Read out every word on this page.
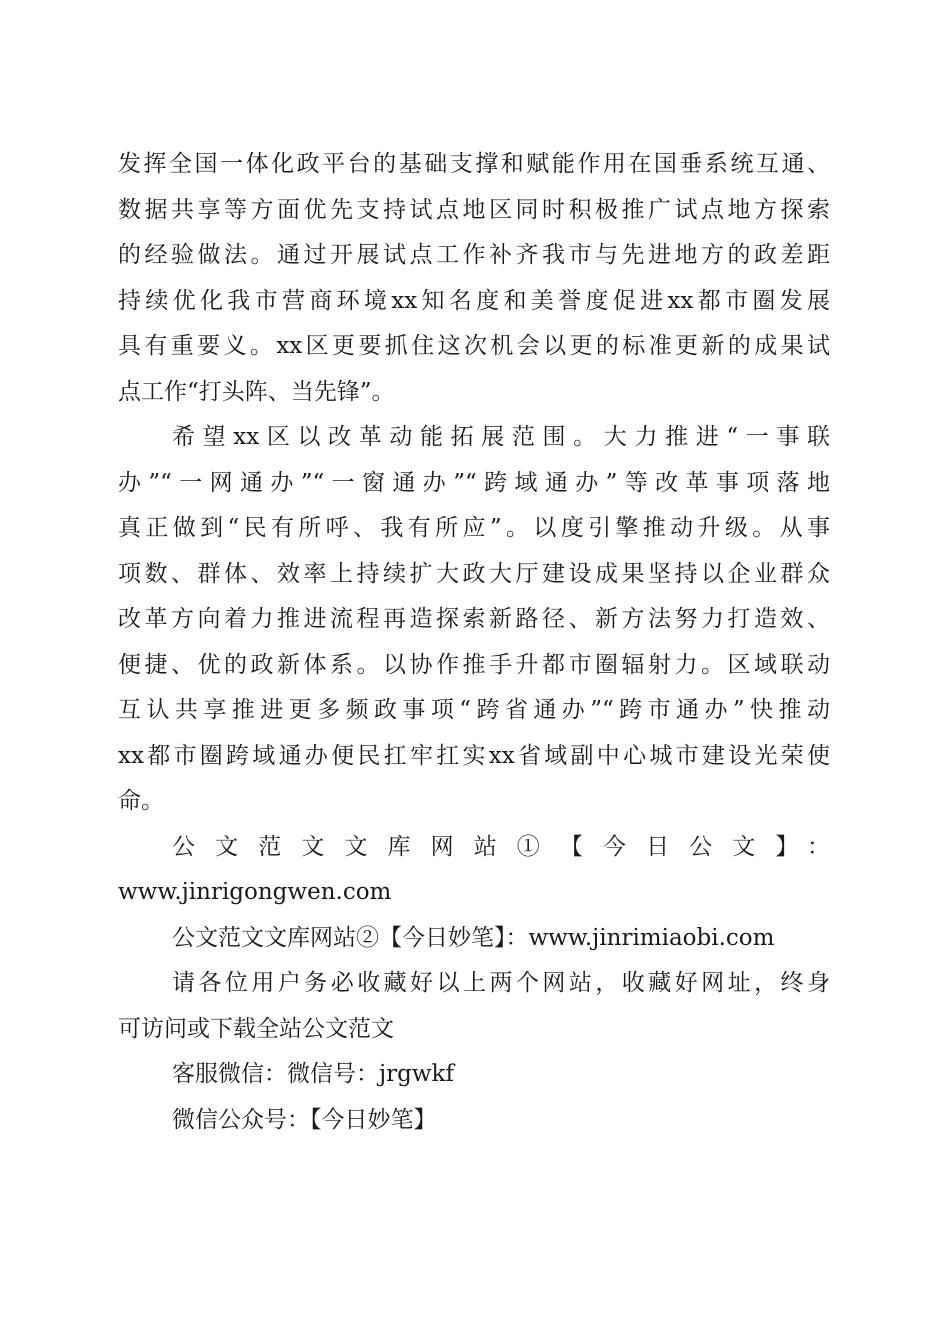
发挥全国一体化政平台的基础支撑和赋能作用在国垂系统互通、
数据共享等方面优先支持试点地区同时积极推广试点地方探索
的经验做法。通过开展试点工作补齐我市与先进地方的政差距
持续优化我市营商环境xx知名度和美誉度促进xx都市圈发展
具有重要义。xx区更要抓住这次机会以更的标准更新的成果试
点工作“打头阵、当先锋”。
希望xx区以改革动能拓展范围。大力推进“一事联
办”“一网通办”“一窗通办”“跨域通办”等改革事项落地
真正做到“民有所呼、我有所应”。以度引擎推动升级。从事
项数、群体、效率上持续扩大政大厅建设成果坚持以企业群众
改革方向着力推进流程再造探索新路径、新方法努力打造效、
便捷、优的政新体系。以协作推手升都市圈辐射力。区域联动
互认共享推进更多频政事项“跨省通办”“跨市通办”快推动
xx都市圈跨域通办便民扛牢扛实xx省域副中心城市建设光荣使
命。
公文范文文库网站①【今日公文】：
www.jinrigongwen.com
公文范文文库网站②【今日妙笔】：www.jinrimiaobi.com
请各位用户务必收藏好以上两个网站，收藏好网址，终身
可访问或下载全站公文范文
客服微信：微信号：jrgwkf
微信公众号：【今日妙笔】
